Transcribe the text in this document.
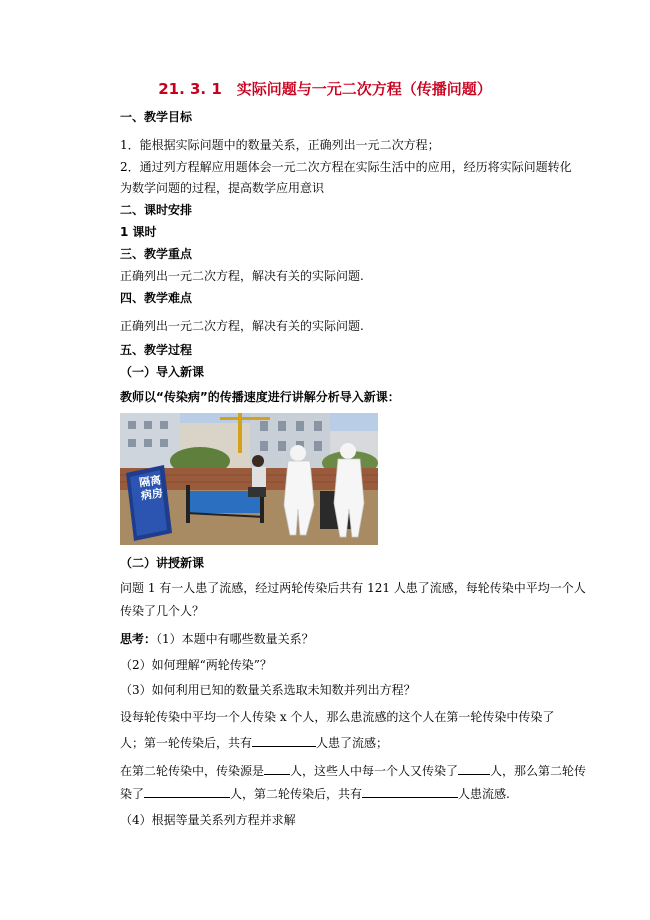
21. 3. 1　实际问题与一元二次方程（传播问题）
一、教学目标
1．能根据实际问题中的数量关系，正确列出一元二次方程；
2．通过列方程解应用题体会一元二次方程在实际生活中的应用，经历将实际问题转化
为数学问题的过程，提高数学应用意识
二、课时安排
1 课时
三、教学重点
正确列出一元二次方程，解决有关的实际问题.
四、教学难点
正确列出一元二次方程，解决有关的实际问题.
五、教学过程
（一）导入新课
教师以“传染病”的传播速度进行讲解分析导入新课：
隔离病房
（二）讲授新课
问题 1 有一人患了流感，经过两轮传染后共有 121 人患了流感，每轮传染中平均一个人
传染了几个人？
思考：（1）本题中有哪些数量关系？
（2）如何理解“两轮传染”？
（3）如何利用已知的数量关系选取未知数并列出方程？
设每轮传染中平均一个人传染 x 个人，那么患流感的这个人在第一轮传染中传染了
人；第一轮传染后，共有	人患了流感；
在第二轮传染中，传染源是 人，这些人中每一个人又传染了	人，那么第二轮传
染了	人，第二轮传染后，共有	人患流感.
（4）根据等量关系列方程并求解
